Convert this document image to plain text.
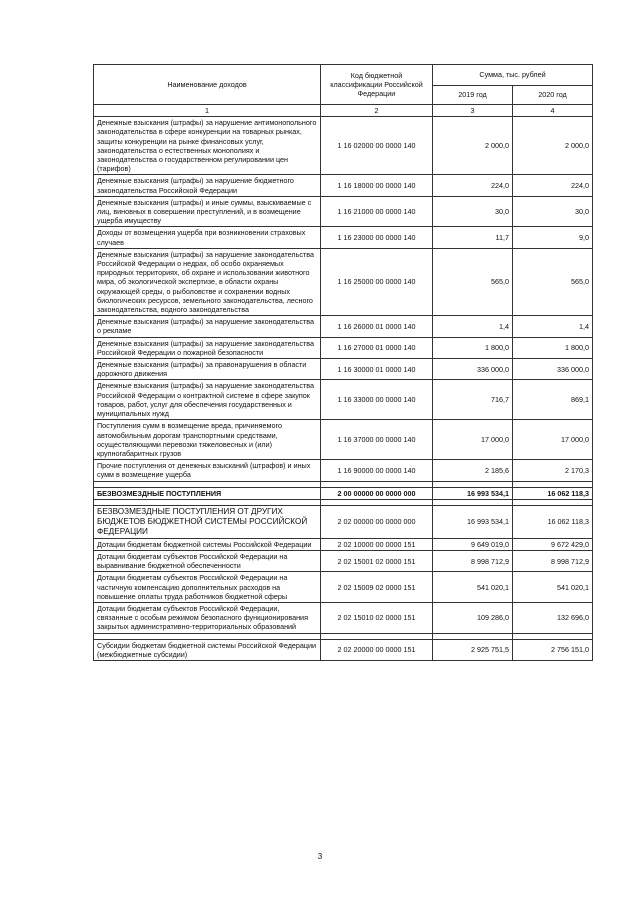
Наименование доходов	Код бюджетной классификации Российской Федерации	Сумма, тыс. рублей	
		2019 год	2020 год
1	2	3	4
Денежные взыскания (штрафы) за нарушение антимонопольного законодательства в сфере конкуренции на товарных рынках, защиты конкуренции на рынке финансовых услуг, законодательства о естественных монополиях и законодательства о государственном регулировании цен (тарифов)	1 16 02000 00 0000 140	2 000,0	2 000,0
Денежные взыскания (штрафы) за нарушение бюджетного законодательства Российской Федерации	1 16 18000 00 0000 140	224,0	224,0
Денежные взыскания (штрафы) и иные суммы, взыскиваемые с лиц, виновных в совершении преступлений, и в возмещение ущерба имуществу	1 16 21000 00 0000 140	30,0	30,0
Доходы от возмещения ущерба при возникновении страховых случаев	1 16 23000 00 0000 140	11,7	9,0
Денежные взыскания (штрафы) за нарушение законодательства Российской Федерации о недрах, об особо охраняемых природных территориях, об охране и использовании животного мира, об экологической экспертизе, в области охраны окружающей среды, о рыболовстве и сохранении водных биологических ресурсов, земельного законодательства, лесного законодательства, водного законодательства	1 16 25000 00 0000 140	565,0	565,0
Денежные взыскания (штрафы) за нарушение законодательства о рекламе	1 16 26000 01 0000 140	1,4	1,4
Денежные взыскания (штрафы) за нарушение законодательства Российской Федерации о пожарной безопасности	1 16 27000 01 0000 140	1 800,0	1 800,0
Денежные взыскания (штрафы) за правонарушения в области дорожного движения	1 16 30000 01 0000 140	336 000,0	336 000,0
Денежные взыскания (штрафы) за нарушение законодательства Российской Федерации о контрактной системе в сфере закупок товаров, работ, услуг для обеспечения государственных и муниципальных нужд	1 16 33000 00 0000 140	716,7	869,1
Поступления сумм в возмещение вреда, причиняемого автомобильным дорогам транспортными средствами, осуществляющими перевозки тяжеловесных и (или) крупногабаритных грузов	1 16 37000 00 0000 140	17 000,0	17 000,0
Прочие поступления от денежных взысканий (штрафов) и иных сумм в возмещение ущерба	1 16 90000 00 0000 140	2 185,6	2 170,3

БЕЗВОЗМЕЗДНЫЕ ПОСТУПЛЕНИЯ	2 00 00000 00 0000 000	16 993 534,1	16 062 118,3

БЕЗВОЗМЕЗДНЫЕ ПОСТУПЛЕНИЯ ОТ ДРУГИХ БЮДЖЕТОВ БЮДЖЕТНОЙ СИСТЕМЫ РОССИЙСКОЙ ФЕДЕРАЦИИ	2 02 00000 00 0000 000	16 993 534,1	16 062 118,3
Дотации бюджетам бюджетной системы Российской Федерации	2 02 10000 00 0000 151	9 649 019,0	9 672 429,0
Дотации бюджетам субъектов Российской Федерации на выравнивание бюджетной обеспеченности	2 02 15001 02 0000 151	8 998 712,9	8 998 712,9
Дотации бюджетам субъектов Российской Федерации на частичную компенсацию дополнительных расходов на повышение оплаты труда работников бюджетной сферы	2 02 15009 02 0000 151	541 020,1	541 020,1
Дотации бюджетам субъектов Российской Федерации, связанные с особым режимом безопасного функционирования закрытых административно-территориальных образований	2 02 15010 02 0000 151	109 286,0	132 696,0

Субсидии бюджетам бюджетной системы Российской Федерации (межбюджетные субсидии)	2 02 20000 00 0000 151	2 925 751,5	2 756 151,0
3
